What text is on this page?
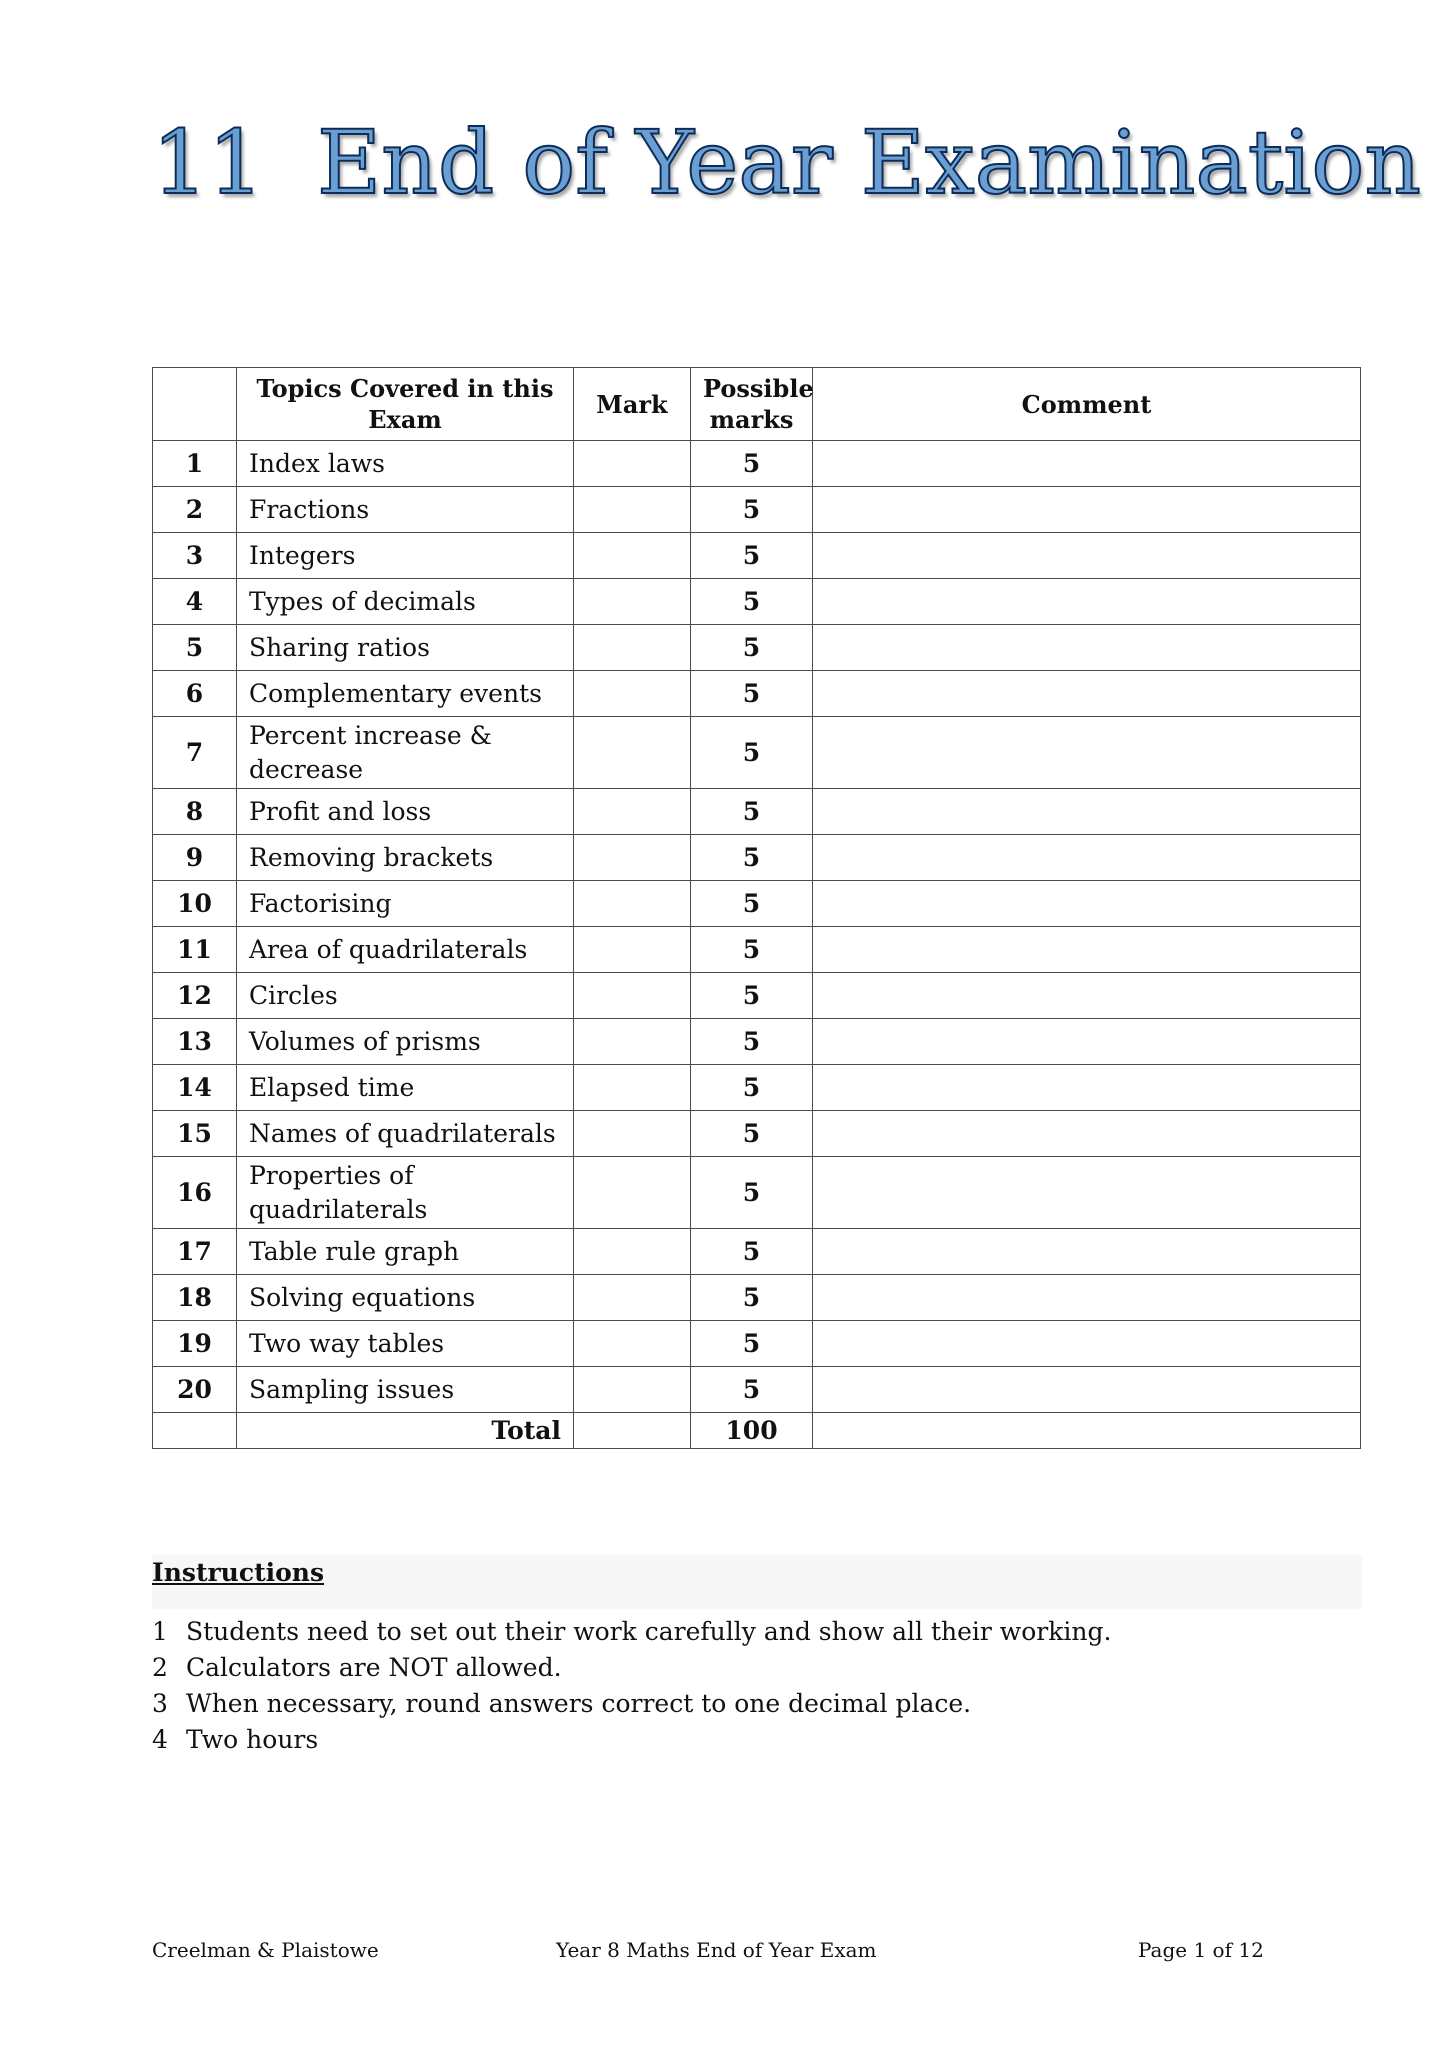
11 End of Year Examination
	Topics Covered in this Exam	Mark	Possible marks	Comment
1	Index laws		5	
2	Fractions		5	
3	Integers		5	
4	Types of decimals		5	
5	Sharing ratios		5	
6	Complementary events		5	
7	Percent increase & decrease		5	
8	Profit and loss		5	
9	Removing brackets		5	
10	Factorising		5	
11	Area of quadrilaterals		5	
12	Circles		5	
13	Volumes of prisms		5	
14	Elapsed time		5	
15	Names of quadrilaterals		5	
16	Properties of quadrilaterals		5	
17	Table rule graph		5	
18	Solving equations		5	
19	Two way tables		5	
20	Sampling issues		5	
	Total		100	
Instructions
1 Students need to set out their work carefully and show all their working.
2 Calculators are NOT allowed.
3 When necessary, round answers correct to one decimal place.
4 Two hours
Creelman & Plaistowe	Year 8 Maths End of Year Exam	Page 1 of 12
